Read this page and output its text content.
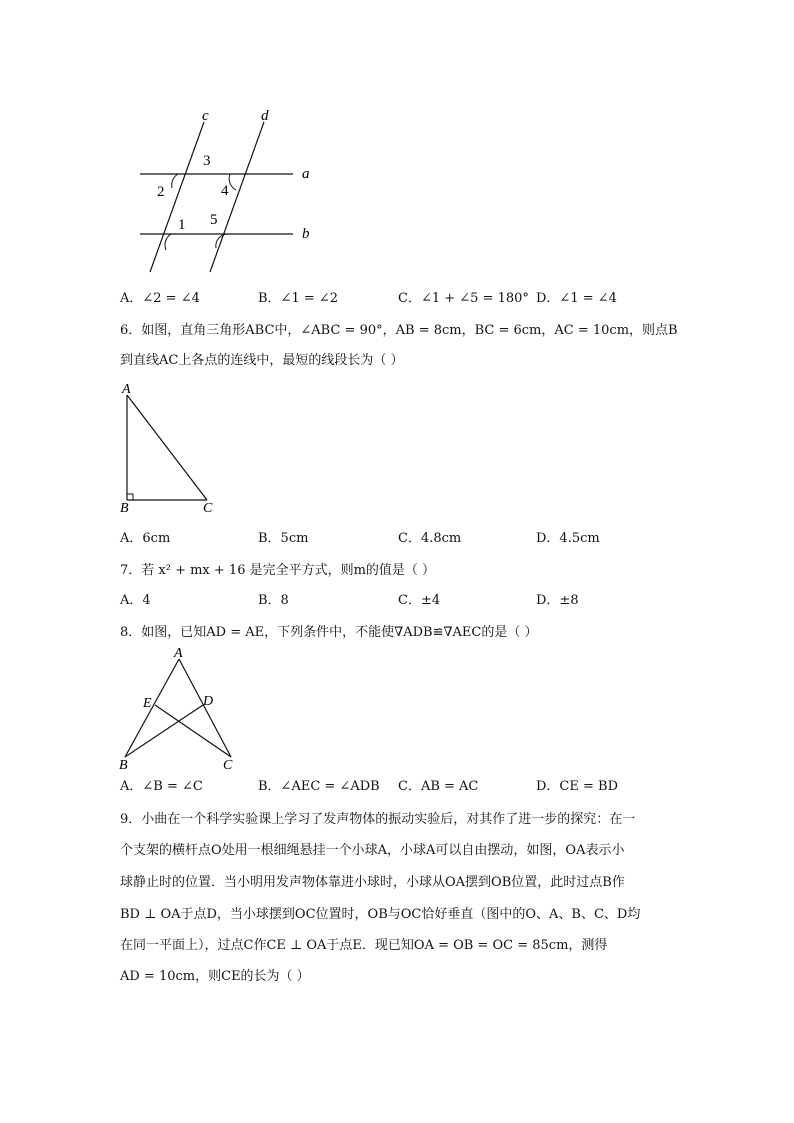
c	d
a
b
3
2	4
1 5
A．∠2 = ∠4	B．∠1 = ∠2	C．∠1 + ∠5 = 180° D．∠1 = ∠4
6．如图，直角三角形ABC中，∠ABC = 90°，AB = 8cm，BC = 6cm，AC = 10cm，则点B
到直线AC上各点的连线中，最短的线段长为（ ）
A
B	C
A．6cm	B．5cm	C．4.8cm	D．4.5cm
7．若 x² + mx + 16 是完全平方式，则m的值是（ ）
A．4	B．8	C．±4	D．±8
8．如图，已知AD = AE，下列条件中，不能使∇ADB≌∇AEC的是（ ）
A
E	D
B	C
A．∠B = ∠C	B．∠AEC = ∠ADB C．AB = AC	D．CE = BD
9．小曲在一个科学实验课上学习了发声物体的振动实验后，对其作了进一步的探究：在一
个支架的横杆点O处用一根细绳悬挂一个小球A，小球A可以自由摆动，如图，OA表示小
球静止时的位置．当小明用发声物体靠进小球时，小球从OA摆到OB位置，此时过点B作
BD ⊥ OA于点D，当小球摆到OC位置时，OB与OC恰好垂直（图中的O、A、B、C、D均
在同一平面上），过点C作CE ⊥ OA于点E．现已知OA = OB = OC = 85cm，测得
AD = 10cm，则CE的长为（ ）
